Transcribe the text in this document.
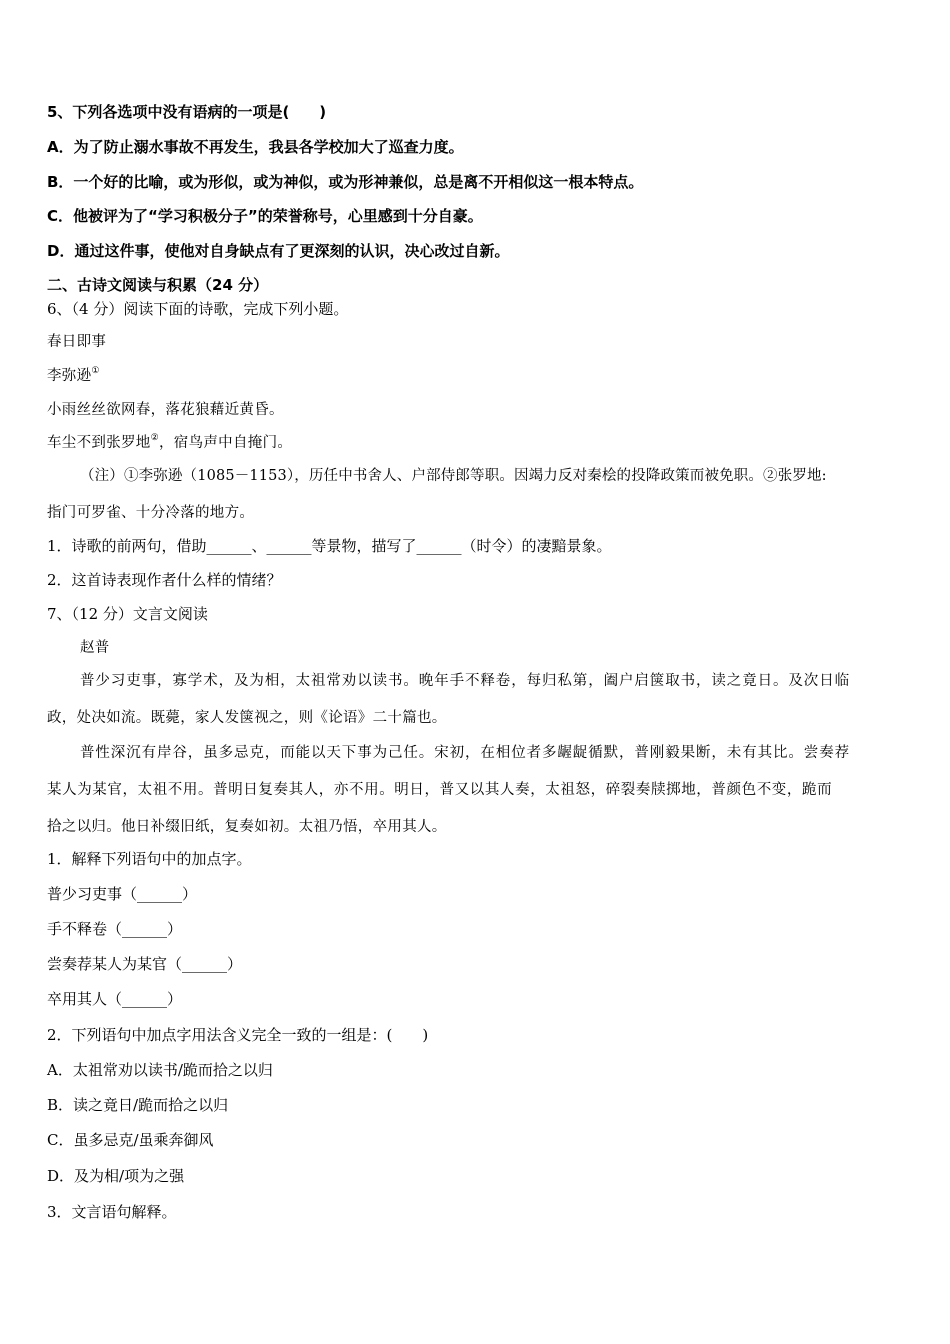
5、下列各选项中没有语病的一项是(　　)
A．为了防止溺水事故不再发生，我县各学校加大了巡查力度。
B．一个好的比喻，或为形似，或为神似，或为形神兼似，总是离不开相似这一根本特点。
C．他被评为了“学习积极分子”的荣誉称号，心里感到十分自豪。
D．通过这件事，使他对自身缺点有了更深刻的认识，决心改过自新。
二、古诗文阅读与积累（24 分）
6、（4 分）阅读下面的诗歌，完成下列小题。
春日即事
李弥逊①
小雨丝丝欲网春，落花狼藉近黄昏。
车尘不到张罗地②，宿鸟声中自掩门。
（注）①李弥逊（1085－1153），历任中书舍人、户部侍郎等职。因竭力反对秦桧的投降政策而被免职。②张罗地:
指门可罗雀、十分冷落的地方。
1．诗歌的前两句，借助______、______等景物，描写了______（时令）的凄黯景象。
2．这首诗表现作者什么样的情绪？
7、（12 分）文言文阅读
赵普
普少习吏事，寡学术，及为相，太祖常劝以读书。晚年手不释卷，每归私第，阖户启箧取书，读之竟日。及次日临
政，处决如流。既薨，家人发箧视之，则《论语》二十篇也。
普性深沉有岸谷，虽多忌克，而能以天下事为己任。宋初，在相位者多龌龊循默，普刚毅果断，未有其比。尝奏荐
某人为某官，太祖不用。普明日复奏其人，亦不用。明日，普又以其人奏，太祖怒，碎裂奏牍掷地，普颜色不变，跪而
拾之以归。他日补缀旧纸，复奏如初。太祖乃悟，卒用其人。
1．解释下列语句中的加点字。
普少习吏事（______）
手不释卷（______）
尝奏荐某人为某官（______）
卒用其人（______）
2．下列语句中加点字用法含义完全一致的一组是：(　　)
A．太祖常劝以读书/跪而拾之以归
B．读之竟日/跪而拾之以归
C．虽多忌克/虽乘奔御风
D．及为相/项为之强
3．文言语句解释。
